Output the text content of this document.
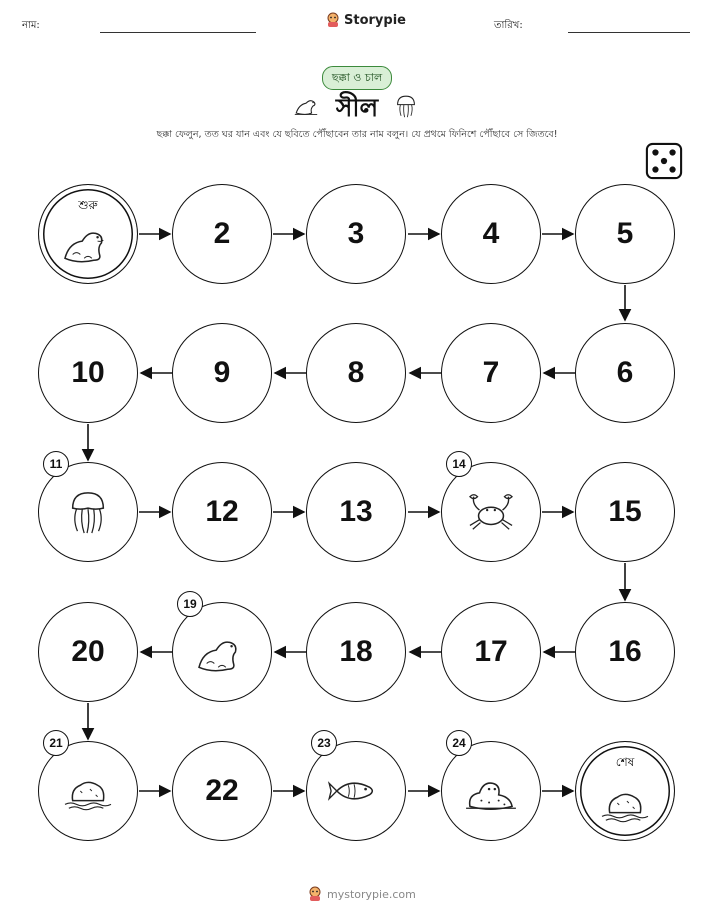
নাম:	Storypie	তারিখ:
ছক্কা ও চাল
সীল
ছক্কা ফেলুন, তত ঘর যান এবং যে ছবিতে পৌঁছাবেন তার নাম বলুন। যে প্রথমে ফিনিশে পৌঁছাবে সে জিতবে!
শুরু
2	3	4	5
6
7
8
9
10
11
12	13
14
15
16
17
18
19
20
21
22
23	24
শেষ
mystorypie.com
